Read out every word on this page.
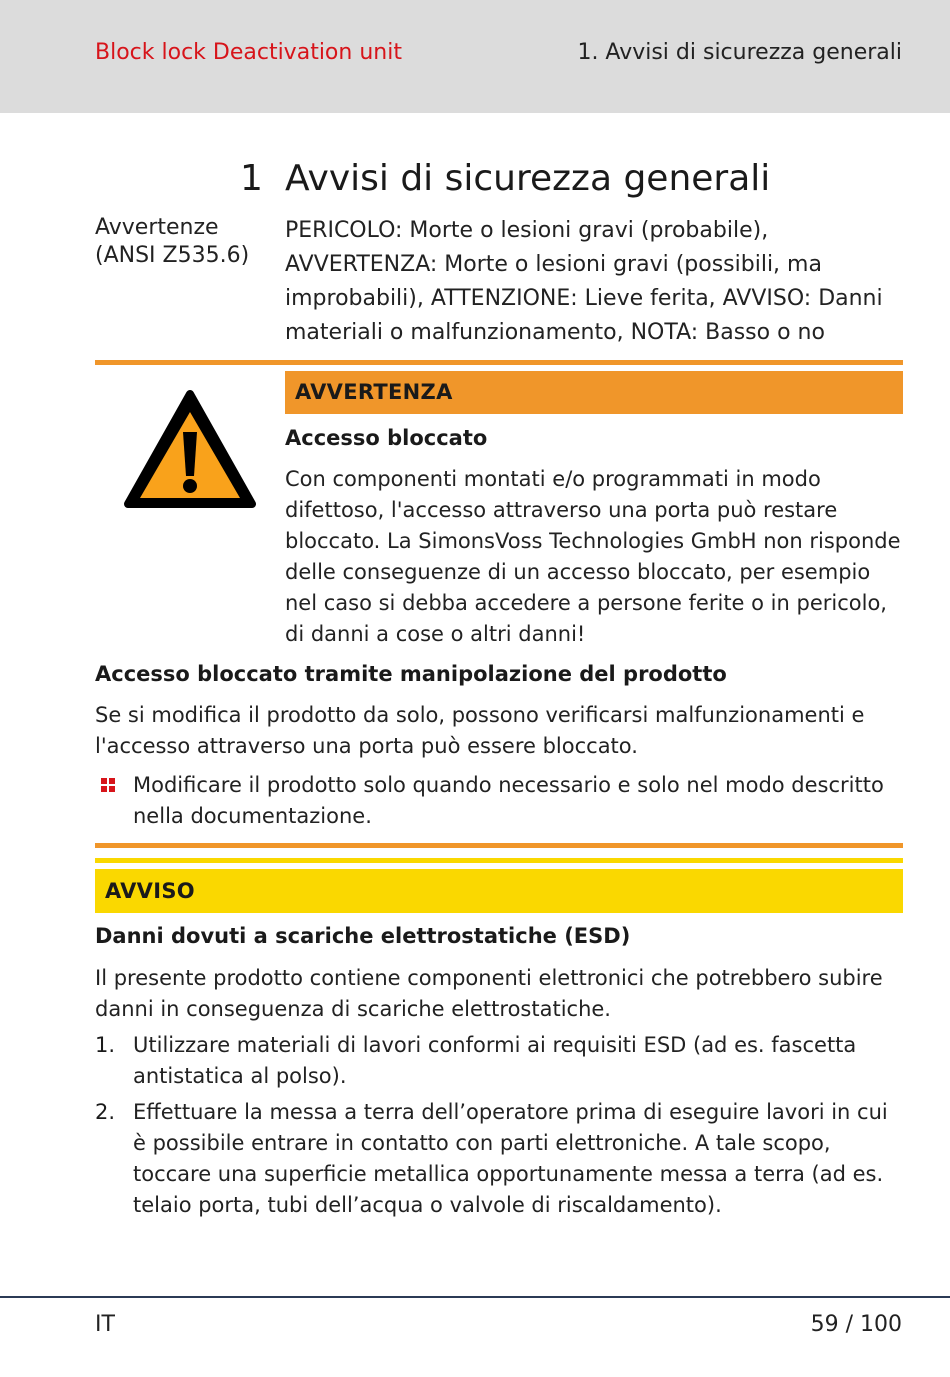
Block lock Deactivation unit	1. Avvisi di sicurezza generali
1 Avvisi di sicurezza generali
Avvertenze (ANSI Z535.6)
PERICOLO: Morte o lesioni gravi (probabile), AVVERTENZA: Morte o lesioni gravi (possibili, ma improbabili), ATTENZIONE: Lieve ferita, AVVISO: Danni materiali o malfunzionamento, NOTA: Basso o no
AVVERTENZA
Accesso bloccato
Con componenti montati e/o programmati in modo difettoso, l'accesso attraverso una porta può restare bloccato. La SimonsVoss Technologies GmbH non risponde delle conseguenze di un accesso bloccato, per esempio nel caso si debba accedere a persone ferite o in pericolo, di danni a cose o altri danni!
Accesso bloccato tramite manipolazione del prodotto
Se si modifica il prodotto da solo, possono verificarsi malfunzionamenti e l'accesso attraverso una porta può essere bloccato.
Modificare il prodotto solo quando necessario e solo nel modo descritto nella documentazione.
AVVISO
Danni dovuti a scariche elettrostatiche (ESD)
Il presente prodotto contiene componenti elettronici che potrebbero subire danni in conseguenza di scariche elettrostatiche.
1. Utilizzare materiali di lavori conformi ai requisiti ESD (ad es. fascetta antistatica al polso).
2. Effettuare la messa a terra dell’operatore prima di eseguire lavori in cui è possibile entrare in contatto con parti elettroniche. A tale scopo, toccare una superficie metallica opportunamente messa a terra (ad es. telaio porta, tubi dell’acqua o valvole di riscaldamento).
IT	59 / 100
